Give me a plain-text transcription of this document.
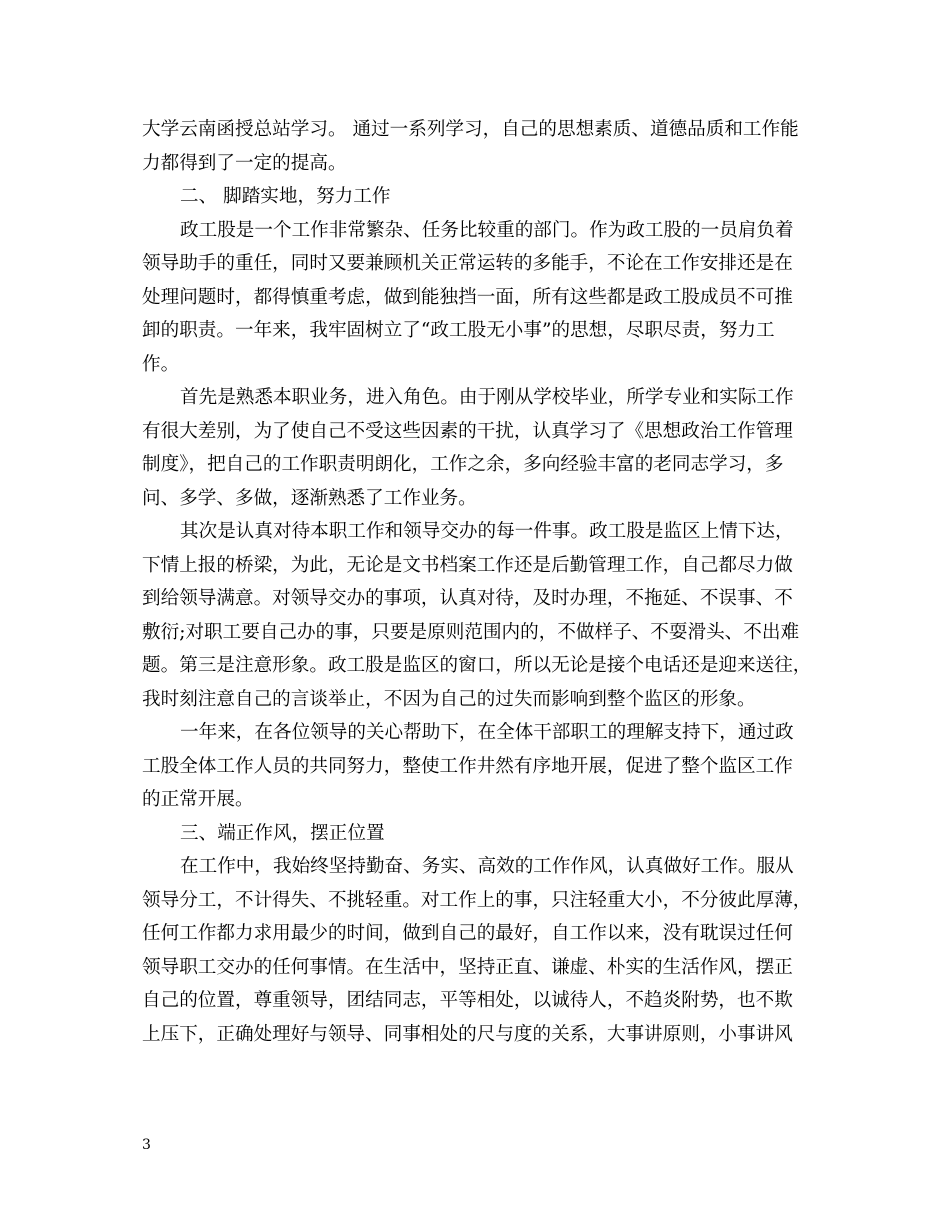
大学云南函授总站学习。 通过一系列学习，自己的思想素质、道德品质和工作能
力都得到了一定的提高。
二、 脚踏实地，努力工作
政工股是一个工作非常繁杂、任务比较重的部门。作为政工股的一员肩负着
领导助手的重任，同时又要兼顾机关正常运转的多能手，不论在工作安排还是在
处理问题时，都得慎重考虑，做到能独挡一面，所有这些都是政工股成员不可推
卸的职责。一年来，我牢固树立了“政工股无小事”的思想，尽职尽责，努力工
作。
首先是熟悉本职业务，进入角色。由于刚从学校毕业，所学专业和实际工作
有很大差别，为了使自己不受这些因素的干扰，认真学习了《思想政治工作管理
制度》，把自己的工作职责明朗化，工作之余，多向经验丰富的老同志学习，多
问、多学、多做，逐渐熟悉了工作业务。
其次是认真对待本职工作和领导交办的每一件事。政工股是监区上情下达，
下情上报的桥梁，为此，无论是文书档案工作还是后勤管理工作，自己都尽力做
到给领导满意。对领导交办的事项，认真对待，及时办理，不拖延、不误事、不
敷衍;对职工要自己办的事，只要是原则范围内的，不做样子、不耍滑头、不出难
题。第三是注意形象。政工股是监区的窗口，所以无论是接个电话还是迎来送往，
我时刻注意自己的言谈举止，不因为自己的过失而影响到整个监区的形象。
一年来，在各位领导的关心帮助下，在全体干部职工的理解支持下，通过政
工股全体工作人员的共同努力，整使工作井然有序地开展，促进了整个监区工作
的正常开展。
三、端正作风，摆正位置
在工作中，我始终坚持勤奋、务实、高效的工作作风，认真做好工作。服从
领导分工，不计得失、不挑轻重。对工作上的事，只注轻重大小，不分彼此厚薄，
任何工作都力求用最少的时间，做到自己的最好，自工作以来，没有耽误过任何
领导职工交办的任何事情。在生活中，坚持正直、谦虚、朴实的生活作风，摆正
自己的位置，尊重领导，团结同志，平等相处，以诚待人，不趋炎附势，也不欺
上压下，正确处理好与领导、同事相处的尺与度的关系，大事讲原则，小事讲风
3
